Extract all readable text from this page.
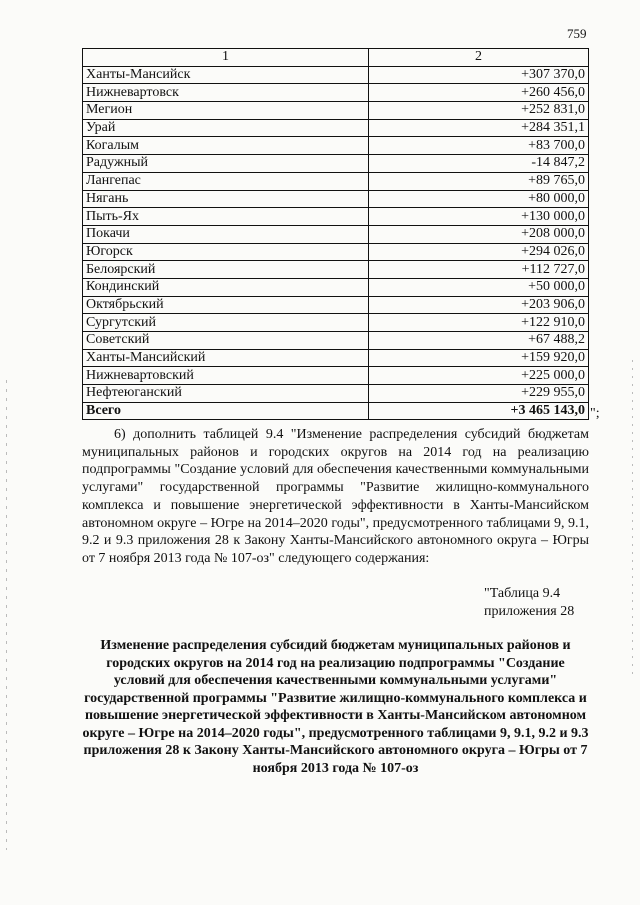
759
1	2
Ханты-Мансийск	+307 370,0
Нижневартовск	+260 456,0
Мегион	+252 831,0
Урай	+284 351,1
Когалым	+83 700,0
Радужный	-14 847,2
Лангепас	+89 765,0
Нягань	+80 000,0
Пыть-Ях	+130 000,0
Покачи	+208 000,0
Югорск	+294 026,0
Белоярский	+112 727,0
Кондинский	+50 000,0
Октябрьский	+203 906,0
Сургутский	+122 910,0
Советский	+67 488,2
Ханты-Мансийский	+159 920,0
Нижневартовский	+225 000,0
Нефтеюганский	+229 955,0
Всего	+3 465 143,0 ";

6) дополнить таблицей 9.4 "Изменение распределения субсидий бюджетам муниципальных районов и городских округов на 2014 год на реализацию подпрограммы "Создание условий для обеспечения качественными коммунальными услугами" государственной программы "Развитие жилищно-коммунального комплекса и повышение энергетической эффективности в Ханты-Мансийском автономном округе – Югре на 2014–2020 годы", предусмотренного таблицами 9, 9.1, 9.2 и 9.3 приложения 28 к Закону Ханты-Мансийского автономного округа – Югры от 7 ноября 2013 года № 107-оз" следующего содержания:

"Таблица 9.4
приложения 28

Изменение распределения субсидий бюджетам муниципальных районов и городских округов на 2014 год на реализацию подпрограммы "Создание условий для обеспечения качественными коммунальными услугами" государственной программы "Развитие жилищно-коммунального комплекса и повышение энергетической эффективности в Ханты-Мансийском автономном округе – Югре на 2014–2020 годы", предусмотренного таблицами 9, 9.1, 9.2 и 9.3 приложения 28 к Закону Ханты-Мансийского автономного округа – Югры от 7 ноября 2013 года № 107-оз
